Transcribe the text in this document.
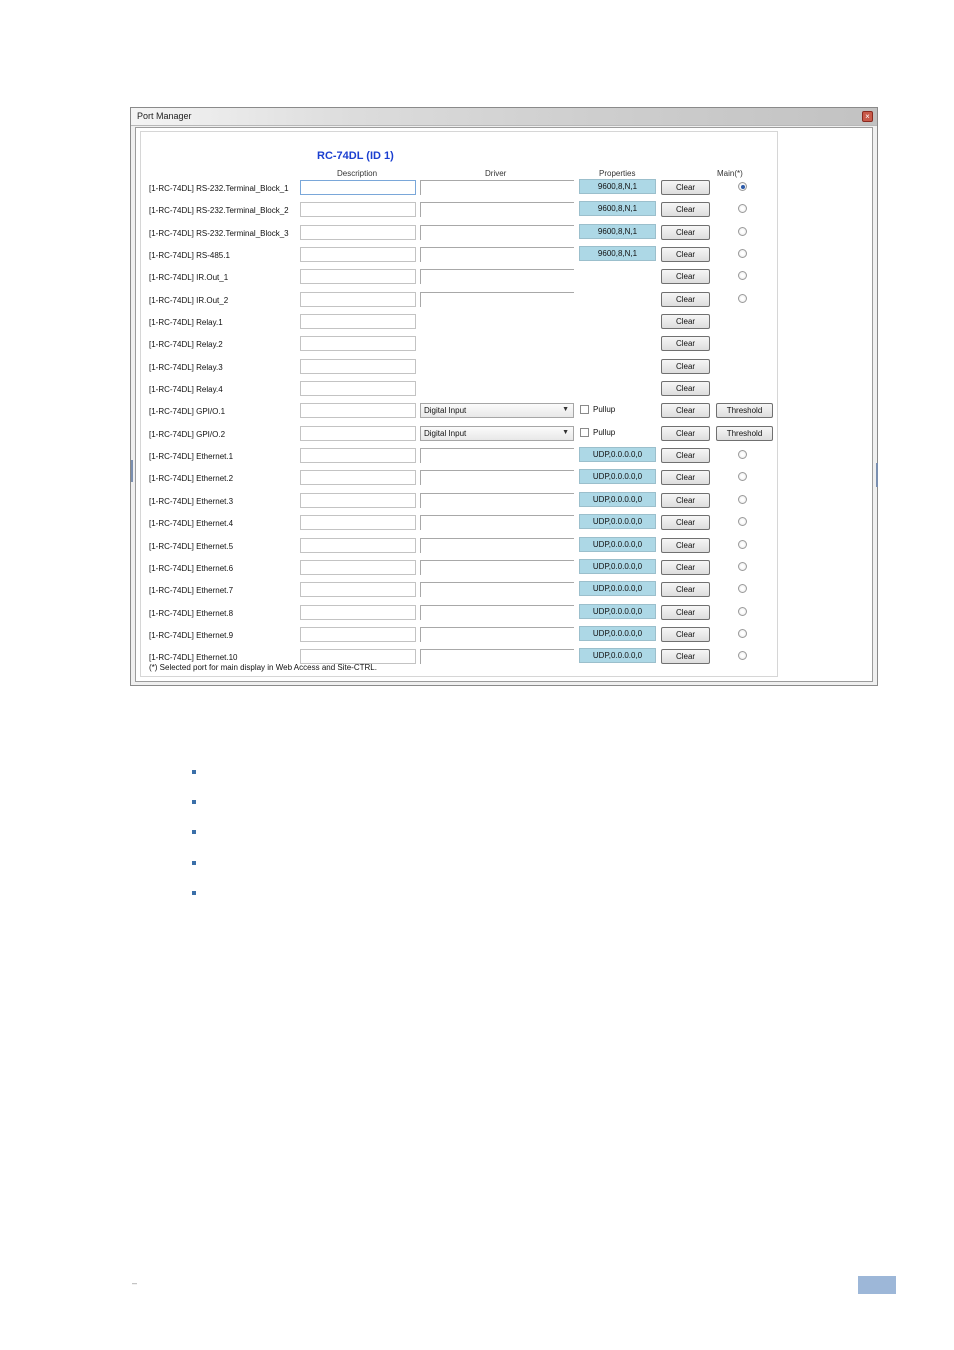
Port Manager	×
RC-74DL (ID 1)
Description	Driver	Properties	Main(*)
[1-RC-74DL] RS-232.Terminal_Block_1	9600,8,N,1	Clear
[1-RC-74DL] RS-232.Terminal_Block_2	9600,8,N,1	Clear
[1-RC-74DL] RS-232.Terminal_Block_3	9600,8,N,1	Clear
[1-RC-74DL] RS-485.1	9600,8,N,1	Clear
[1-RC-74DL] IR.Out_1	Clear
[1-RC-74DL] IR.Out_2	Clear
[1-RC-74DL] Relay.1	Clear
[1-RC-74DL] Relay.2	Clear
[1-RC-74DL] Relay.3	Clear
[1-RC-74DL] Relay.4	Clear
[1-RC-74DL] GPI/O.1	Digital Input	▼	Pullup	Clear	Threshold
[1-RC-74DL] GPI/O.2	Digital Input	▼	Pullup	Clear	Threshold
[1-RC-74DL] Ethernet.1	UDP,0.0.0.0,0	Clear
[1-RC-74DL] Ethernet.2	UDP,0.0.0.0,0	Clear
[1-RC-74DL] Ethernet.3	UDP,0.0.0.0,0	Clear
[1-RC-74DL] Ethernet.4	UDP,0.0.0.0,0	Clear
[1-RC-74DL] Ethernet.5	UDP,0.0.0.0,0	Clear
[1-RC-74DL] Ethernet.6	UDP,0.0.0.0,0	Clear
[1-RC-74DL] Ethernet.7	UDP,0.0.0.0,0	Clear
[1-RC-74DL] Ethernet.8	UDP,0.0.0.0,0	Clear
[1-RC-74DL] Ethernet.9	UDP,0.0.0.0,0	Clear
[1-RC-74DL] Ethernet.10	UDP,0.0.0.0,0	Clear
(*) Selected port for main display in Web Access and Site-CTRL.
–
